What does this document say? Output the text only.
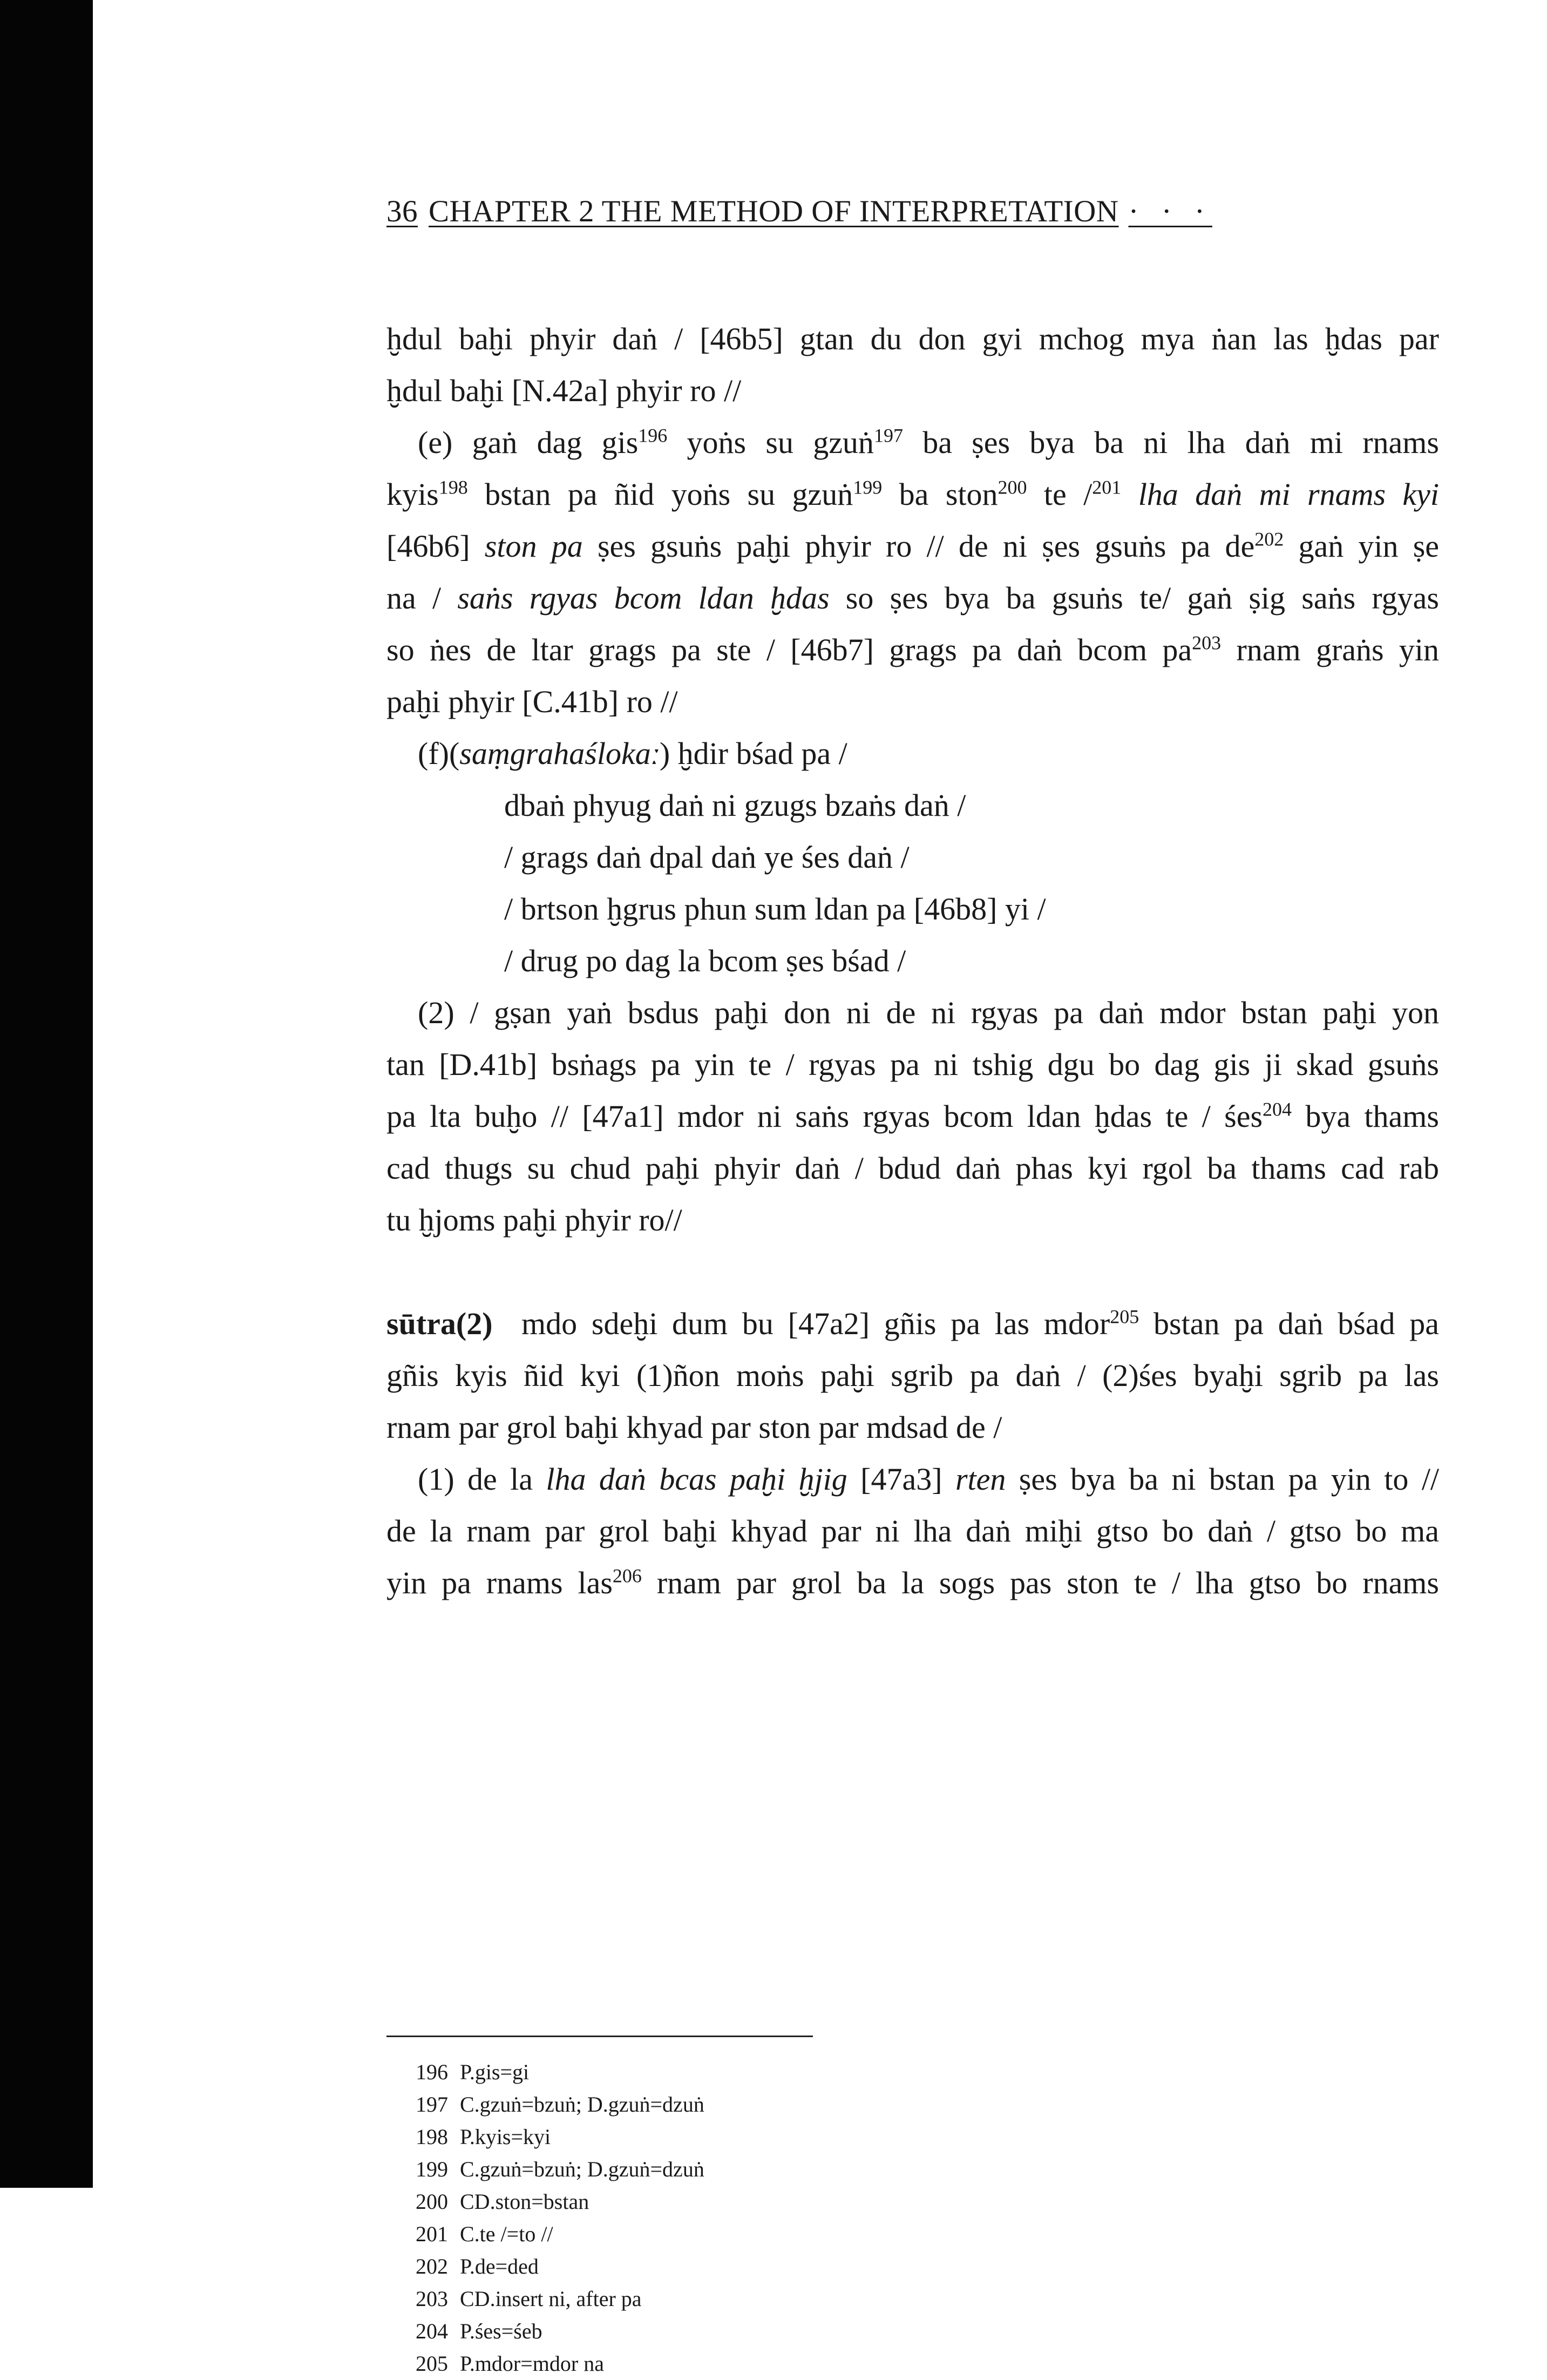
36 CHAPTER 2 THE METHOD OF INTERPRETATION · · ·
ḫdul baḫi phyir daṅ / [46b5] gtan du don gyi mchog mya ṅan las ḫdas par
ḫdul baḫi [N.42a] phyir ro //
(e) gaṅ dag gis$^{196}$ yoṅs su gzuṅ$^{197}$ ba ṣes bya ba ni lha daṅ mi rnams
kyis$^{198}$ bstan pa ñid yoṅs su gzuṅ$^{199}$ ba ston$^{200}$ te /$^{201}$ lha daṅ mi rnams kyi
[46b6] ston pa ṣes gsuṅs paḫi phyir ro // de ni ṣes gsuṅs pa $de^{202}$ gaṅ yin ṣe
na / saṅs rgyas bcom ldan ḫdas so ṣes bya ba gsuṅs te/ gaṅ ṣig saṅs rgyas
so ṅes de ltar grags pa ste / [46b7] grags pa daṅ bcom $pa^{203}$ rnam graṅs yin
paḫi phyir [C.41b] ro //
(f)(saṃgrahaślokaː) ḫdir bśad pa /
dbaṅ phyug daṅ ni gzugs bzaṅs daṅ /
/ grags daṅ dpal daṅ ye śes daṅ /
/ brtson ḫgrus phun sum ldan pa [46b8] yi /
/ drug po dag la bcom ṣes bśad /
(2) / gṣan yaṅ bsdus paḫi don ni de ni rgyas pa daṅ mdor bstan paḫi yon
tan [D.41b] bsṅags pa yin te / rgyas pa ni tshig dgu bo dag gis ji skad gsuṅs
pa lta buḫo // [47a1] mdor ni saṅs rgyas bcom ldan ḫdas te / śes$^{204}$ bya thams
cad thugs su chud paḫi phyir daṅ / bdud daṅ phas kyi rgol ba thams cad rab
tu ḫjoms paḫi phyir ro//
sūtra(2) mdo sdeḫi dum bu [47a2] gñis pa las mdor$^{205}$ bstan pa daṅ bśad pa
gñis kyis ñid kyi (1)ñon moṅs paḫi sgrib pa daṅ / (2)śes byaḫi sgrib pa las
rnam par grol baḫi khyad par ston par mdsad de /
(1) de la lha daṅ bcas paḫi ḫjig [47a3] rten ṣes bya ba ni bstan pa yin to //
de la rnam par grol baḫi khyad par ni lha daṅ miḫi gtso bo daṅ / gtso bo ma
yin pa rnams las$^{206}$ rnam par grol ba la sogs pas ston te / lha gtso bo rnams
196 P.gis=gi
197 C.gzuṅ=bzuṅ; D.gzuṅ=dzuṅ
198 P.kyis=kyi
199 C.gzuṅ=bzuṅ; D.gzuṅ=dzuṅ
200 CD.ston=bstan
201 C.te /=to //
202 P.de=ded
203 CD.insert ni, after pa
204 P.śes=śeb
205 P.mdor=mdor na
